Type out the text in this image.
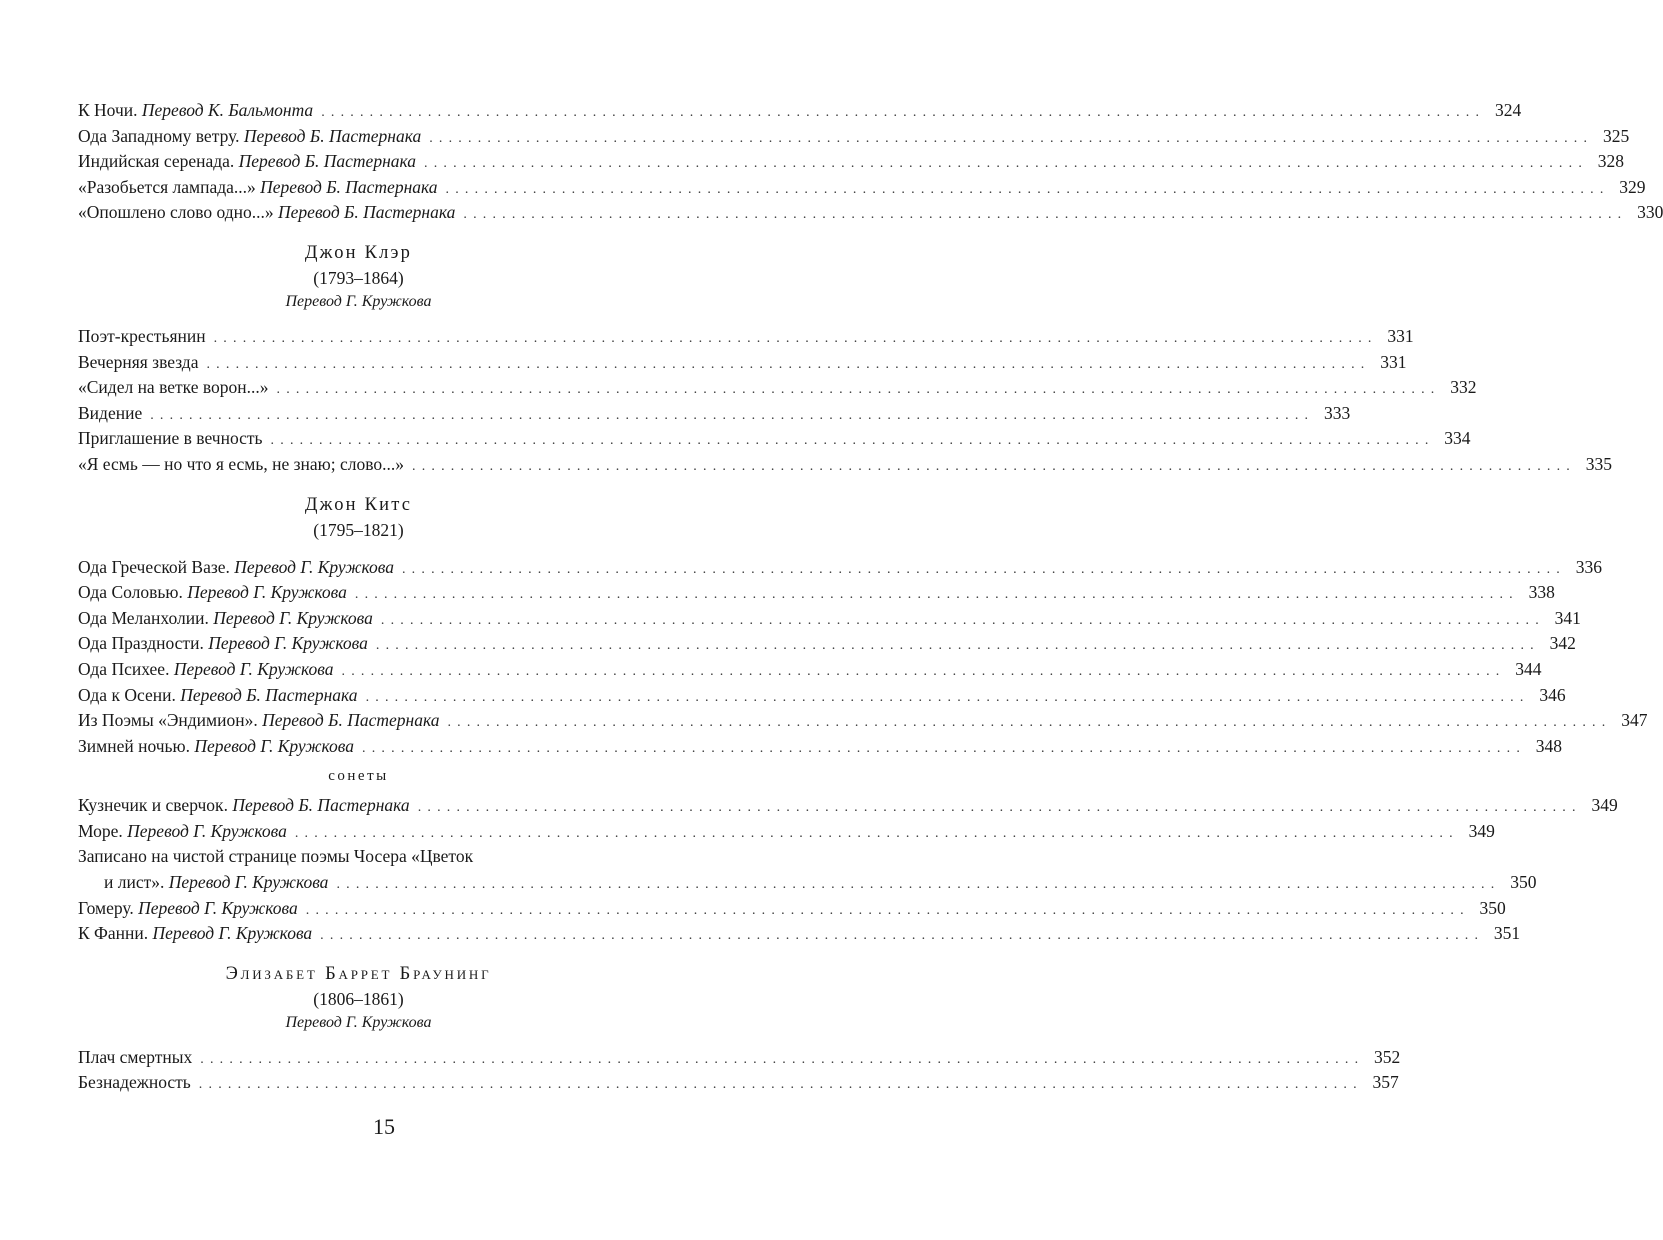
К Ночи. Перевод К. Бальмонта ........................................................................................................................ 324
Ода Западному ветру. Перевод Б. Пастернака ........................................................................................................................ 325
Индийская серенада. Перевод Б. Пастернака ........................................................................................................................ 328
«Разобьется лампада...» Перевод Б. Пастернака ........................................................................................................................ 329
«Опошлено слово одно...» Перевод Б. Пастернака ........................................................................................................................ 330
Джон Клэр
(1793–1864)
Перевод Г. Кружкова
Поэт-крестьянин ........................................................................................................................ 331
Вечерняя звезда ........................................................................................................................ 331
«Сидел на ветке ворон...» ........................................................................................................................ 332
Видение ........................................................................................................................ 333
Приглашение в вечность ........................................................................................................................ 334
«Я есмь — но что я есмь, не знаю; слово...» ........................................................................................................................ 335
Джон Китс
(1795–1821)
Ода Греческой Вазе. Перевод Г. Кружкова ........................................................................................................................ 336
Ода Соловью. Перевод Г. Кружкова ........................................................................................................................ 338
Ода Меланхолии. Перевод Г. Кружкова ........................................................................................................................ 341
Ода Праздности. Перевод Г. Кружкова ........................................................................................................................ 342
Ода Психее. Перевод Г. Кружкова ........................................................................................................................ 344
Ода к Осени. Перевод Б. Пастернака ........................................................................................................................ 346
Из Поэмы «Эндимион». Перевод Б. Пастернака ........................................................................................................................ 347
Зимней ночью. Перевод Г. Кружкова ........................................................................................................................ 348
сонеты
Кузнечик и сверчок. Перевод Б. Пастернака ........................................................................................................................ 349
Море. Перевод Г. Кружкова ........................................................................................................................ 349
Записано на чистой странице поэмы Чосера «Цветок
и лист». Перевод Г. Кружкова ........................................................................................................................ 350
Гомеру. Перевод Г. Кружкова ........................................................................................................................ 350
К Фанни. Перевод Г. Кружкова ........................................................................................................................ 351
Элизабет Баррет Браунинг
(1806–1861)
Перевод Г. Кружкова
Плач смертных ........................................................................................................................ 352
Безнадежность ........................................................................................................................ 357
15
